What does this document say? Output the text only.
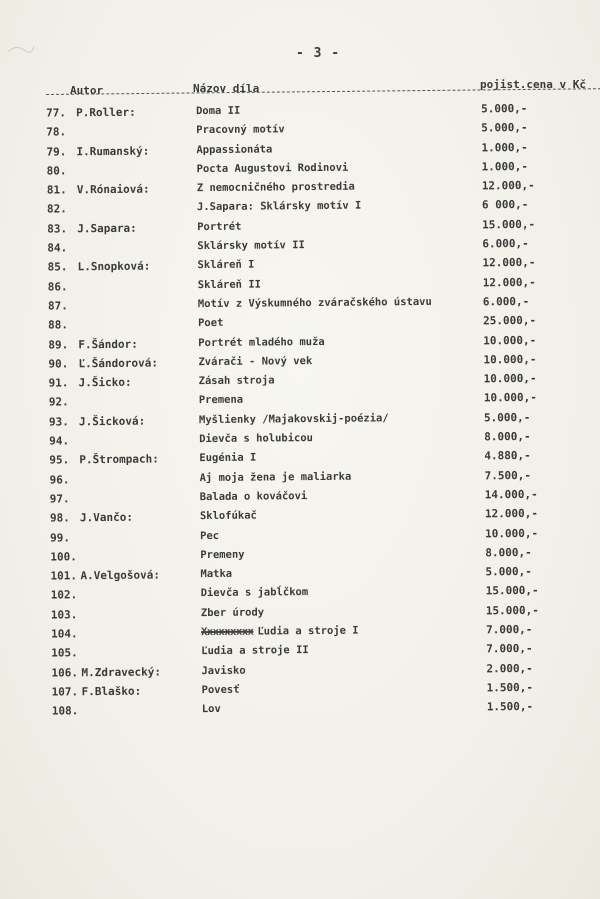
- 3 -
Autor	Názov díla	pojist.cena v Kč
77. P.Roller:	Doma II	5.000,-
78.	Pracovný motív	5.000,-
79. I.Rumanský:	Appassionáta	1.000,-
80.	Pocta Augustovi Rodinovi	1.000,-
81. V.Rónaiová:	Z nemocničného prostredia	12.000,-
82.	J.Sapara: Sklársky motív I	6 000,-
83. J.Sapara:	Portrét	15.000,-
84.	Sklársky motív II	6.000,-
85. L.Snopková:	Skláreň I	12.000,-
86.	Skláreň II	12.000,-
87.	Motív z Výskumného zváračského ústavu	6.000,-
88.	Poet	25.000,-
89. F.Šándor:	Portrét mladého muža	10.000,-
90. Ľ.Šándorová:	Zvárači - Nový vek	10.000,-
91. J.Šicko:	Zásah stroja	10.000,-
92.	Premena	10.000,-
93. J.Šicková:	Myšlienky /Majakovskij-poézia/	5.000,-
94.	Dievča s holubicou	8.000,-
95. P.Štrompach:	Eugénia I	4.880,-
96.	Aj moja žena je maliarka	7.500,-
97.	Balada o kováčovi	14.000,-
98. J.Vančo:	Sklofúkač	12.000,-
99.	Pec	10.000,-
100.	Premeny	8.000,-
101. A.Velgošová:	Matka	5.000,-
102.	Dievča s jabĺčkom	15.000,-
103.	Zber úrody	15.000,-
104.	Xxxxxxxxx Ľudia a stroje I	7.000,-
105.	Ľudia a stroje II	7.000,-
106. M.Zdravecký:	Javisko	2.000,-
107. F.Blaško:	Povesť	1.500,-
108.	Lov	1.500,-
